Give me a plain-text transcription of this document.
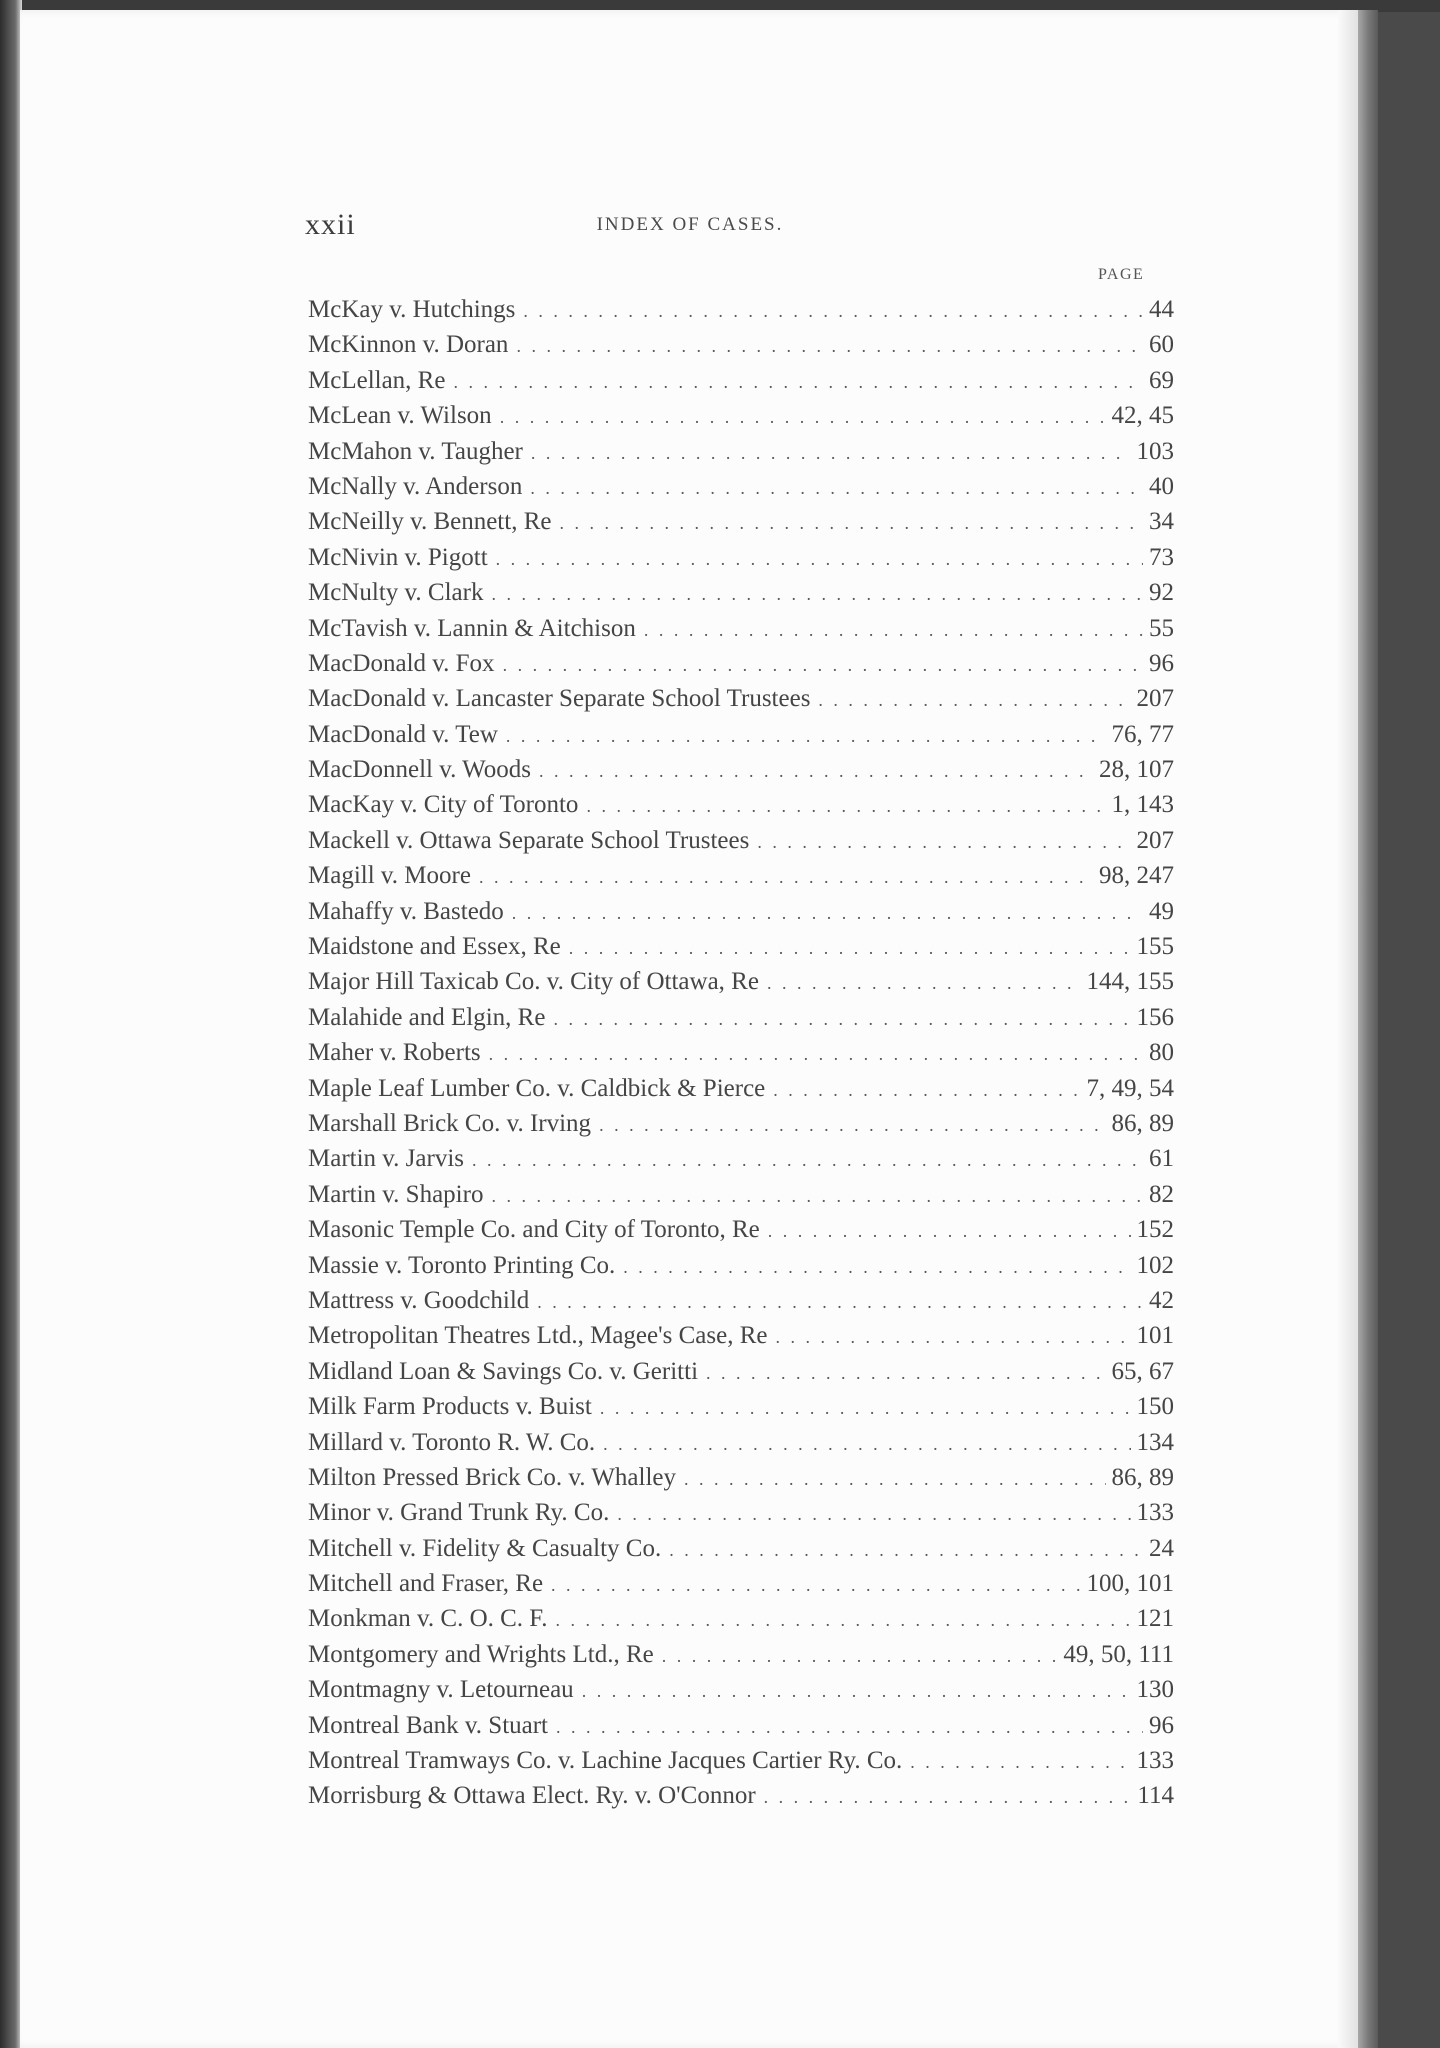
xxii	INDEX OF CASES.
PAGE
McKay v. Hutchings . . .	44
McKinnon v. Doran . . .	60
McLellan, Re . . .	69
McLean v. Wilson . . .	42, 45
McMahon v. Taugher . . .	103
McNally v. Anderson . . .	40
McNeilly v. Bennett, Re . . .	34
McNivin v. Pigott . . .	73
McNulty v. Clark . . .	92
McTavish v. Lannin & Aitchison . . .	55
MacDonald v. Fox . . .	96
MacDonald v. Lancaster Separate School Trustees . . .	207
MacDonald v. Tew . . .	76, 77
MacDonnell v. Woods . . .	28, 107
MacKay v. City of Toronto . . .	1, 143
Mackell v. Ottawa Separate School Trustees . . .	207
Magill v. Moore . . .	98, 247
Mahaffy v. Bastedo . . .	49
Maidstone and Essex, Re . . .	155
Major Hill Taxicab Co. v. City of Ottawa, Re . . .	144, 155
Malahide and Elgin, Re . . .	156
Maher v. Roberts . . .	80
Maple Leaf Lumber Co. v. Caldbick & Pierce . . .	7, 49, 54
Marshall Brick Co. v. Irving . . .	86, 89
Martin v. Jarvis . . .	61
Martin v. Shapiro . . .	82
Masonic Temple Co. and City of Toronto, Re . . .	152
Massie v. Toronto Printing Co. . . .	102
Mattress v. Goodchild . . .	42
Metropolitan Theatres Ltd., Magee's Case, Re . . .	101
Midland Loan & Savings Co. v. Geritti . . .	65, 67
Milk Farm Products v. Buist . . .	150
Millard v. Toronto R. W. Co. . . .	134
Milton Pressed Brick Co. v. Whalley . . .	86, 89
Minor v. Grand Trunk Ry. Co. . . .	133
Mitchell v. Fidelity & Casualty Co. . . .	24
Mitchell and Fraser, Re . . .	100, 101
Monkman v. C. O. C. F. . . .	121
Montgomery and Wrights Ltd., Re . . .	49, 50, 111
Montmagny v. Letourneau . . .	130
Montreal Bank v. Stuart . . .	96
Montreal Tramways Co. v. Lachine Jacques Cartier Ry. Co. . . .	133
Morrisburg & Ottawa Elect. Ry. v. O'Connor . . .	114
